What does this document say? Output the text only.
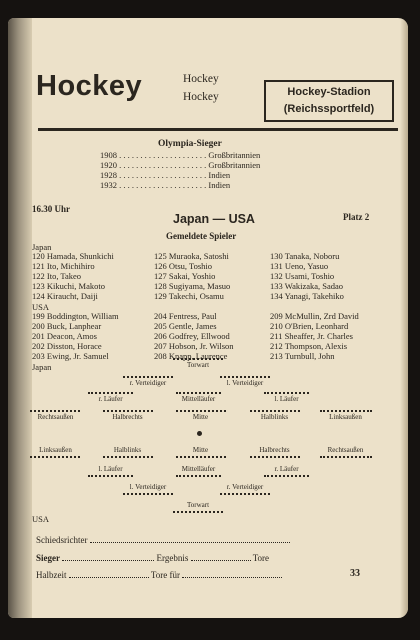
Hockey	Hockey
Hockey	Hockey-Stadion
(Reichssportfeld)
Olympia-Sieger
1908 . . . . . . . . . . . . . . . . . . . . . Großbritannien
1920 . . . . . . . . . . . . . . . . . . . . . Großbritannien
1928 . . . . . . . . . . . . . . . . . . . . . Indien
1932 . . . . . . . . . . . . . . . . . . . . . Indien
16.30 Uhr
Japan — USA	Platz 2
Gemeldete Spieler
Japan
120 Hamada, Shunkichi
121 Ito, Michihiro
122 Ito, Takeo
123 Kikuchi, Makoto
124 Kiraucht, Daiji
125 Muraoka, Satoshi
126 Otsu, Toshio
127 Sakai, Yoshio
128 Sugiyama, Masuo
129 Takechi, Osamu
130 Tanaka, Noboru
131 Ueno, Yasuo
132 Usami, Toshio
133 Wakizaka, Sadao
134 Yanagi, Takehiko
USA
199 Boddington, William
200 Buck, Lanphear
201 Deacon, Amos
202 Disston, Horace
203 Ewing, Jr. Samuel
204 Fentress, Paul
205 Gentle, James
206 Godfrey, Ellwood
207 Hobson, Jr. Wilson
208 Knapp, Laurence
209 McMullin, Zrd David
210 O'Brien, Leonhard
211 Sheaffer, Jr. Charles
212 Thompson, Alexis
213 Turnbull, John
Japan	Torwart
r. Verteidiger	l. Verteidiger
r. Läufer	Mittelläufer	l. Läufer
Rechtsaußen	Halbrechts	Mitte	Halblinks	Linksaußen
Linksaußen	Halblinks	Mitte	Halbrechts	Rechtsaußen
l. Läufer	Mittelläufer	r. Läufer
l. Verteidiger	r. Verteidiger
Torwart
USA
Schiedsrichter
Sieger	Ergebnis	Tore
Halbzeit	Tore für	33
